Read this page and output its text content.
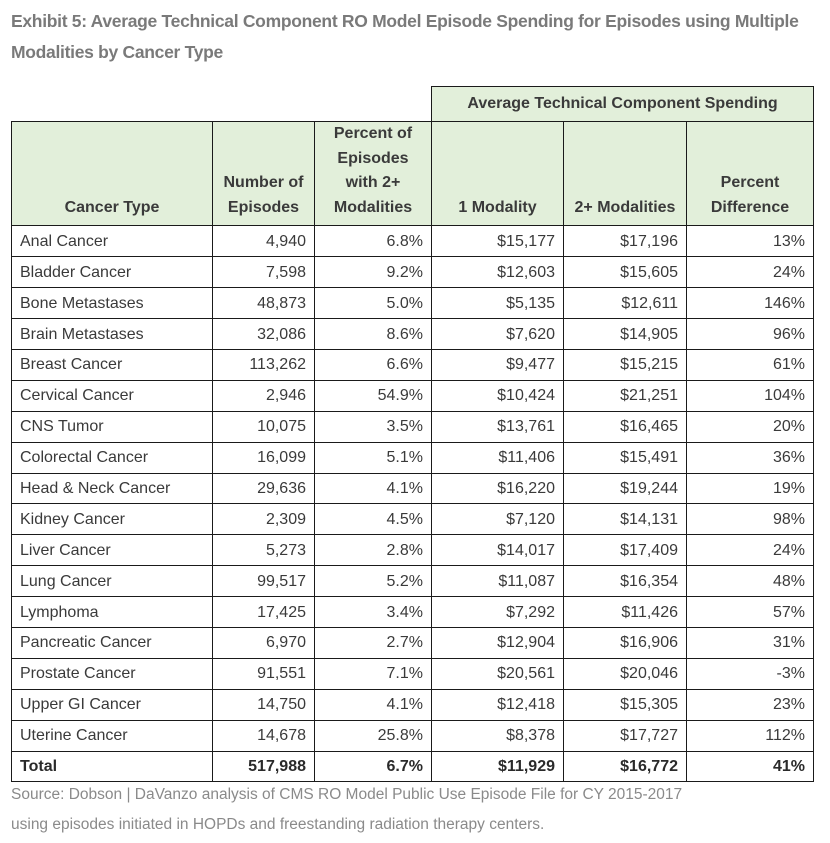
Exhibit 5: Average Technical Component RO Model Episode Spending for Episodes using Multiple Modalities by Cancer Type
			Average Technical Component Spending		
Cancer Type	Number of Episodes	Percent of Episodes with 2+ Modalities	1 Modality	2+ Modalities	Percent Difference
Anal Cancer	4,940	6.8%	$15,177	$17,196	13%
Bladder Cancer	7,598	9.2%	$12,603	$15,605	24%
Bone Metastases	48,873	5.0%	$5,135	$12,611	146%
Brain Metastases	32,086	8.6%	$7,620	$14,905	96%
Breast Cancer	113,262	6.6%	$9,477	$15,215	61%
Cervical Cancer	2,946	54.9%	$10,424	$21,251	104%
CNS Tumor	10,075	3.5%	$13,761	$16,465	20%
Colorectal Cancer	16,099	5.1%	$11,406	$15,491	36%
Head & Neck Cancer	29,636	4.1%	$16,220	$19,244	19%
Kidney Cancer	2,309	4.5%	$7,120	$14,131	98%
Liver Cancer	5,273	2.8%	$14,017	$17,409	24%
Lung Cancer	99,517	5.2%	$11,087	$16,354	48%
Lymphoma	17,425	3.4%	$7,292	$11,426	57%
Pancreatic Cancer	6,970	2.7%	$12,904	$16,906	31%
Prostate Cancer	91,551	7.1%	$20,561	$20,046	-3%
Upper GI Cancer	14,750	4.1%	$12,418	$15,305	23%
Uterine Cancer	14,678	25.8%	$8,378	$17,727	112%
Total	517,988	6.7%	$11,929	$16,772	41%
Source: Dobson | DaVanzo analysis of CMS RO Model Public Use Episode File for CY 2015-2017
using episodes initiated in HOPDs and freestanding radiation therapy centers.
